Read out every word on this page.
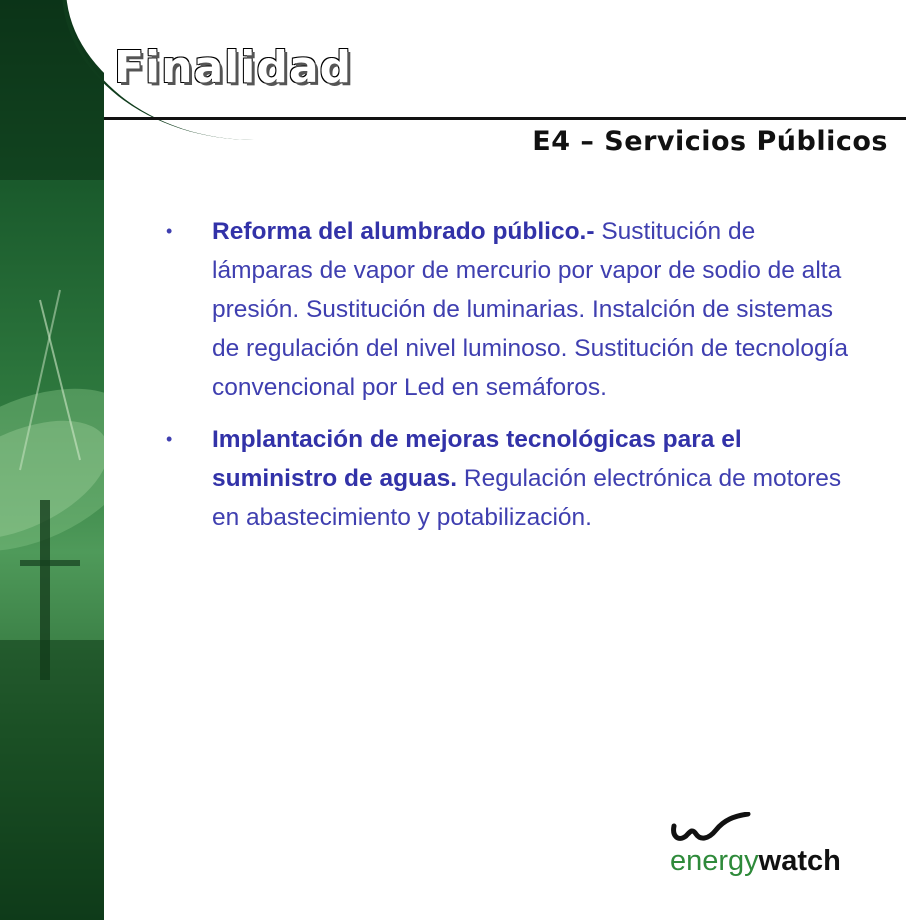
Finalidad
E4 – Servicios Públicos
• Reforma del alumbrado público.- Sustitución de lámparas de vapor de mercurio por vapor de sodio de alta presión. Sustitución de luminarias. Instalción de sistemas de regulación del nivel luminoso. Sustitución de tecnología convencional por Led en semáforos.
• Implantación de mejoras tecnológicas para el suministro de aguas. Regulación electrónica de motores en abastecimiento y potabilización.
energywatch
